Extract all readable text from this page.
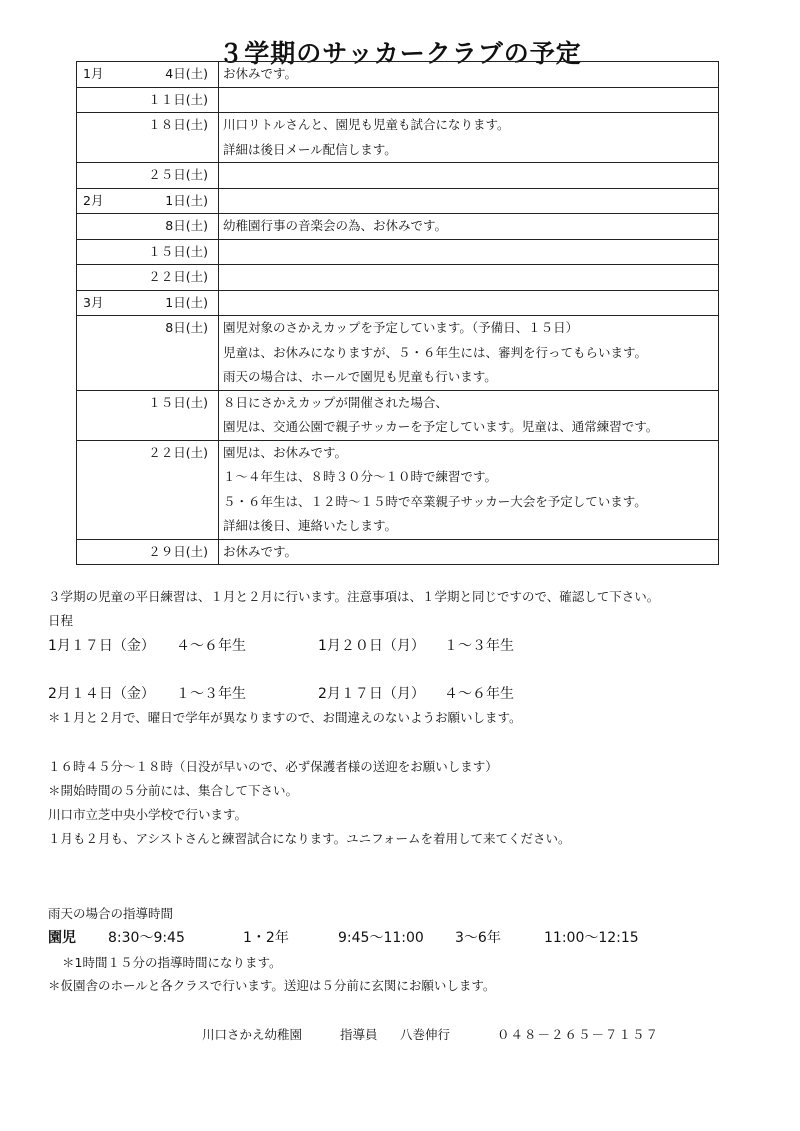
３学期のサッカークラブの予定
1月 4日(土)	お休みです。

１１日(土)	

１８日(土)	川口リトルさんと、園児も児童も試合になります。
詳細は後日メール配信します。

２５日(土)	

2月 1日(土)	

8日(土)	幼稚園行事の音楽会の為、お休みです。

１５日(土)	

２２日(土)	

3月 1日(土)	

8日(土)	園児対象のさかえカップを予定しています。（予備日、１５日）
児童は、お休みになりますが、５・６年生には、審判を行ってもらいます。
雨天の場合は、ホールで園児も児童も行います。

１５日(土)	８日にさかえカップが開催された場合、
園児は、交通公園で親子サッカーを予定しています。児童は、通常練習です。

２２日(土)	園児は、お休みです。
１～４年生は、８時３０分～１０時で練習です。
５・６年生は、１２時～１５時で卒業親子サッカー大会を予定しています。
詳細は後日、連絡いたします。

２９日(土)	お休みです。
３学期の児童の平日練習は、１月と２月に行います。注意事項は、１学期と同じですので、確認して下さい。
日程
1月１７日（金） ４～６年生	1月２０日（月） １～３年生
2月１４日（金） １～３年生	2月１７日（月） ４～６年生
＊１月と２月で、曜日で学年が異なりますので、お間違えのないようお願いします。
１６時４５分～１８時（日没が早いので、必ず保護者様の送迎をお願いします）
＊開始時間の５分前には、集合して下さい。
川口市立芝中央小学校で行います。
１月も２月も、アシストさんと練習試合になります。ユニフォームを着用して来てください。
雨天の場合の指導時間
園児 8:30～9:45	1・2年	9:45～11:00 3～6年	11:00～12:15
＊1時間１５分の指導時間になります。
＊仮園舎のホールと各クラスで行います。送迎は５分前に玄関にお願いします。
川口さかえ幼稚園	指導員 八巻伸行	０４８－２６５－７１５７
